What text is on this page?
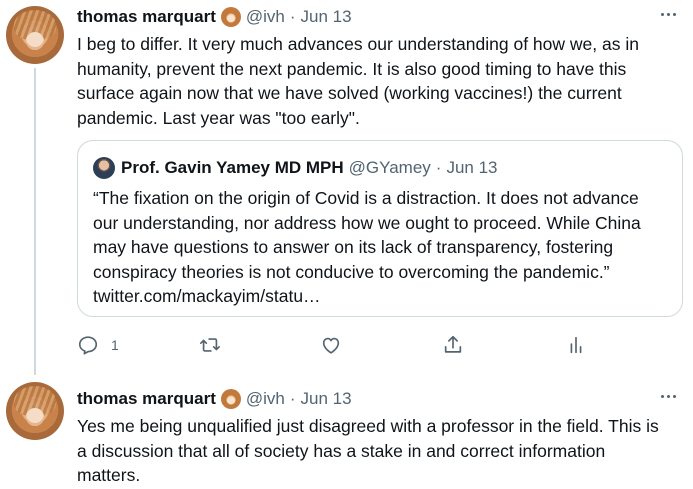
thomas marquart @ivh · Jun 13
I beg to differ. It very much advances our understanding of how we, as in
humanity, prevent the next pandemic. It is also good timing to have this
surface again now that we have solved (working vaccines!) the current
pandemic. Last year was "too early".
Prof. Gavin Yamey MD MPH @GYamey · Jun 13
“The fixation on the origin of Covid is a distraction. It does not advance
our understanding, nor address how we ought to proceed. While China
may have questions to answer on its lack of transparency, fostering
conspiracy theories is not conducive to overcoming the pandemic.”
twitter.com/mackayim/statu…
1
thomas marquart @ivh · Jun 13
Yes me being unqualified just disagreed with a professor in the field. This is
a discussion that all of society has a stake in and correct information
matters.
